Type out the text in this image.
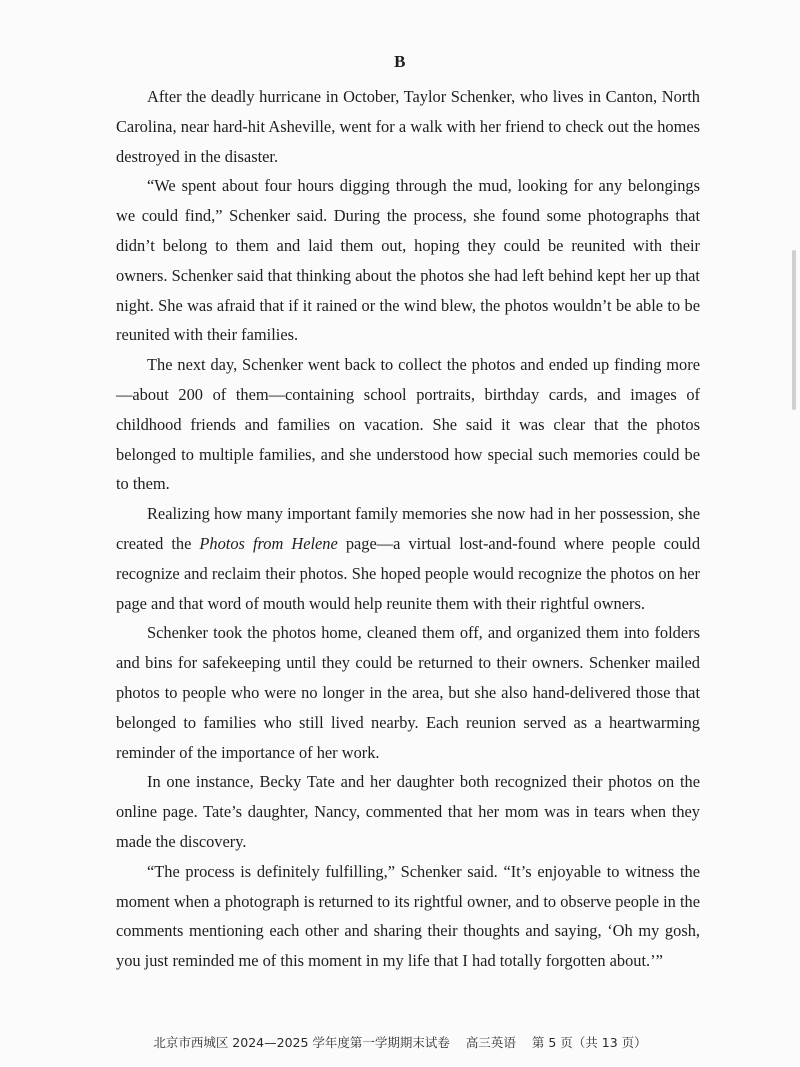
B

After the deadly hurricane in October, Taylor Schenker, who lives in Canton, North Carolina, near hard-hit Asheville, went for a walk with her friend to check out the homes destroyed in the disaster.

“We spent about four hours digging through the mud, looking for any belongings we could find,” Schenker said. During the process, she found some photographs that didn’t belong to them and laid them out, hoping they could be reunited with their owners. Schenker said that thinking about the photos she had left behind kept her up that night. She was afraid that if it rained or the wind blew, the photos wouldn’t be able to be reunited with their families.

The next day, Schenker went back to collect the photos and ended up finding more—about 200 of them—containing school portraits, birthday cards, and images of childhood friends and families on vacation. She said it was clear that the photos belonged to multiple families, and she understood how special such memories could be to them.

Realizing how many important family memories she now had in her possession, she created the Photos from Helene page—a virtual lost-and-found where people could recognize and reclaim their photos. She hoped people would recognize the photos on her page and that word of mouth would help reunite them with their rightful owners.

Schenker took the photos home, cleaned them off, and organized them into folders and bins for safekeeping until they could be returned to their owners. Schenker mailed photos to people who were no longer in the area, but she also hand-delivered those that belonged to families who still lived nearby. Each reunion served as a heartwarming reminder of the importance of her work.

In one instance, Becky Tate and her daughter both recognized their photos on the online page. Tate’s daughter, Nancy, commented that her mom was in tears when they made the discovery.

“The process is definitely fulfilling,” Schenker said. “It’s enjoyable to witness the moment when a photograph is returned to its rightful owner, and to observe people in the comments mentioning each other and sharing their thoughts and saying, ‘Oh my gosh, you just reminded me of this moment in my life that I had totally forgotten about.’”

北京市西城区 2024—2025 学年度第一学期期末试卷 高三英语 第 5 页（共 13 页）
